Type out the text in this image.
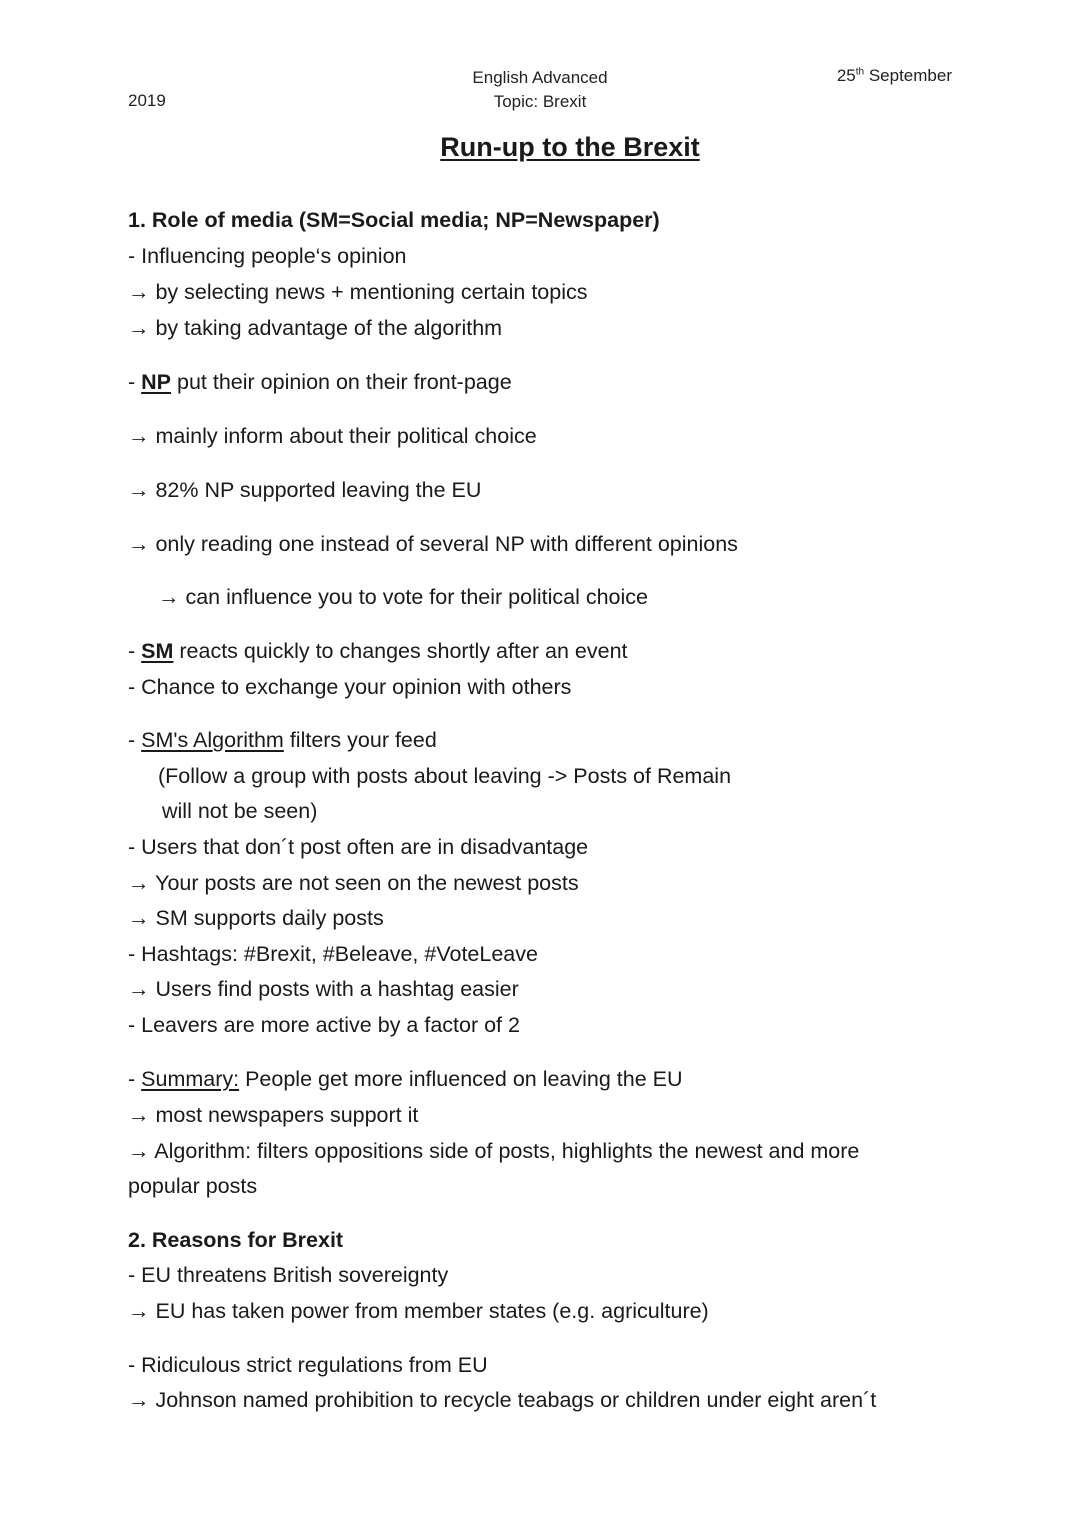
2019
English Advanced
Topic: Brexit
25th September
Run-up to the Brexit
1. Role of media (SM=Social media; NP=Newspaper)
- Influencing people‘s opinion
→ by selecting news + mentioning certain topics
→ by taking advantage of the algorithm
- NP put their opinion on their front-page
→ mainly inform about their political choice
→ 82% NP supported leaving the EU
→ only reading one instead of several NP with different opinions
→ can influence you to vote for their political choice
- SM reacts quickly to changes shortly after an event
- Chance to exchange your opinion with others
- SM's Algorithm filters your feed
(Follow a group with posts about leaving -> Posts of Remain
will not be seen)
- Users that don´t post often are in disadvantage
→ Your posts are not seen on the newest posts
→ SM supports daily posts
- Hashtags: #Brexit, #Beleave, #VoteLeave
→ Users find posts with a hashtag easier
- Leavers are more active by a factor of 2
- Summary: People get more influenced on leaving the EU
→ most newspapers support it
→ Algorithm: filters oppositions side of posts, highlights the newest and more
popular posts
2. Reasons for Brexit
- EU threatens British sovereignty
→ EU has taken power from member states (e.g. agriculture)
- Ridiculous strict regulations from EU
→ Johnson named prohibition to recycle teabags or children under eight aren´t
